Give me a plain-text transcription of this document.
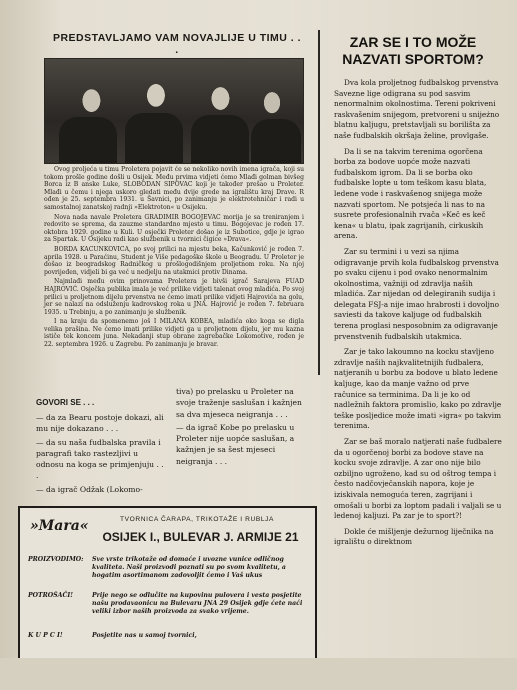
PREDSTAVLJAMO VAM NOVAJLIJE U TIMU . . .

Ovog proljeća u timu Proletera pojavit će se nekoliko novih imena igrača, koji su tokom prošle godine došli u Osijek. Među prvima vidjeti ćemo Mlađi golman bivšeg Borca iz B anske Luke, SLOBODAN SIPOVAC koji je također prešao u Proleter. Mlađi u čemu i njega uskoro gledati među dvije grede na igralištu kraj Drave. R ođen je 25. septembra 1931. u Šavnici, po zanimanju je elektrotehničar i radi u samostalnoj zanatskoj radnji »Elektroton« u Osijeku.

Nova nada navale Proletera GRADIMIR BOGOJEVAC morija je sa treniranjem i redovito se sprema, da zauzme standardno mjesto u timu. Bogojevac je rođen 17. oktobra 1929. godine u Kuli. U osječki Proleter došao je iz Subotice, gdje je igrao za Spartak. U Osijeku radi kao službenik u tvornici čigice »Drava«.

BORDA KACUNKOVICA, po svoj prilici na mjestu beka, Kačunković je rođen 7. aprila 1928. u Paraćinu, Student je Više pedagoške škole u Beogradu. U Proleter je došao iz beogradskog Radničkog u prošlogodišnjem proljetnom roku. Na njoj povrijeđen, vidjeli bi ga već u nedjelju na utakmici protiv Dinama.

Najmlađi među ovim prinovama Proletera je bivši igrač Sarajeva FUAD HAJROVIĆ. Osječka publika imala je već prilike vidjeti talenat ovog mladića. Po svoj prilici u proljetnom dijelu prvenstva ne ćemo imati prilike vidjeti Hajrovića na golu, jer se nalazi na odsluženju kadrovskog roka u JNA. Hajrović je rođen 7. februara 1935. u Trebinju, a po zanimanju je službenik.

I na kraju da spomenemo još I MILANA KOBEA, mladića oko koga se digla velika prašina. Ne ćemo imati prilike vidjeti ga u proljetnom dijelu, jer mu kazna ističe tek koncem juna. Nekadanji stup obrane zagrebačke Lokomotive, rođen je 22. septembra 1926. u Zagrebu. Po zanimanju je bravar.

ZAR SE I TO MOŽE NAZVATI SPORTOM?

Dva kola proljetnog fudbalskog prvenstva Savezne lige odigrana su pod sasvim nenormalnim okolnostima. Tereni pokriveni raskvašenim snijegom, pretvoreni u snijeżno blatnu kaljugu, pretstavljali su borilišta za naše fudbalskih okršaja želine, provlgaše.

Da li se na takvim terenima ogorčena borba za bodove uopće može nazvati fudbalskom igrom. Da li se borba oko fudbalske lopte u tom teškom kasu blata, ledene vode i raskvašenog snijega može nazvati sportom. Ne potsjeća li nas to na susrete profesionalnih rvača »Keč es keč kena« u blatu, ipak zagrijanih, cirkuskih arena.

Zar su termini i u vezi sa njima odigravanje prvih kola fudbalskog prvenstva po svaku cijenu i pod ovako nenormalnim okolnostima, važniji od zdravlja naših mladića. Zar nijedan od delegiranih sudija i delegata FSJ-a nije imao hrabrosti i dovoljno saviesti da takove kaljuge od fudbalskih terena proglasi nesposobnim za odigravanje prvenstvenih fudbalskih utakmica.

Zar je tako lakoumno na kocku stavljeno zdravlje naših najkvalitetnijih fudbalera, natjeranih u borbu za bodove u blato ledene kaljuge, kao da manje važno od prve računice sa terminima. Da li je ko od nadležnih faktora promislio, kako po zdravlje teške posljedice može imati »igra« po takvim terenima.

Zar se baš moralo natjerati naše fudbalere da u ogorčenoj borbi za bodove stave na kocku svoje zdravlje. A zar ono nije bilo ozbiljno ugroženo, kad su od oštrog tempa i često nadčovječanskih napora, koje je iziskivala nemoguća teren, zagrijani i omošali u borbi za loptom padali i valjali se u ledenoj kaljuzi. Pa zar je to sport?!

Dokle će mišljenje dežurnog liječnika na igralištu o direktnom

GOVORI SE . . .

— da za Bearu postoje dokazi, ali mu nije dokazano . . .

— da su naša fudbalska pravila i paragrafi tako rastezljivi u odnosu na koga se primjenjuju . . .

— da igrač Odžak (Lokomo-

tiva) po prelasku u Proleter na svoje traženje saslušan i kažnjen sa dva mjeseca neigranja . . .

— da igrač Kobe po prelasku u Proleter nije uopće saslušan, a kažnjen je sa šest mjeseci neigranja . . .

»Mara«	TVORNICA ČARAPA, TRIKOTAŽE I RUBLJA
OSIJEK I., BULEVAR J. ARMIJE 21
PROIZVODIMO:	Sve vrste trikotaže od domaće i uvozne vunice odličnog kvaliteta. Naši proizvodi poznati su po svom kvalitetu, a hogatim asortimanom zadovoljit ćemo i Vaš ukus
POTROŠAČI!	Prije nego se odlučite na kupovinu pulovera i vesta posjetite našu prodavaonicu na Bulevaru JNA 29 Osijek gdje ćete naći veliki izbor naših proizvoda za svako vrijeme.
K U P C I!	Posjetite nas u samoj tvornici,
